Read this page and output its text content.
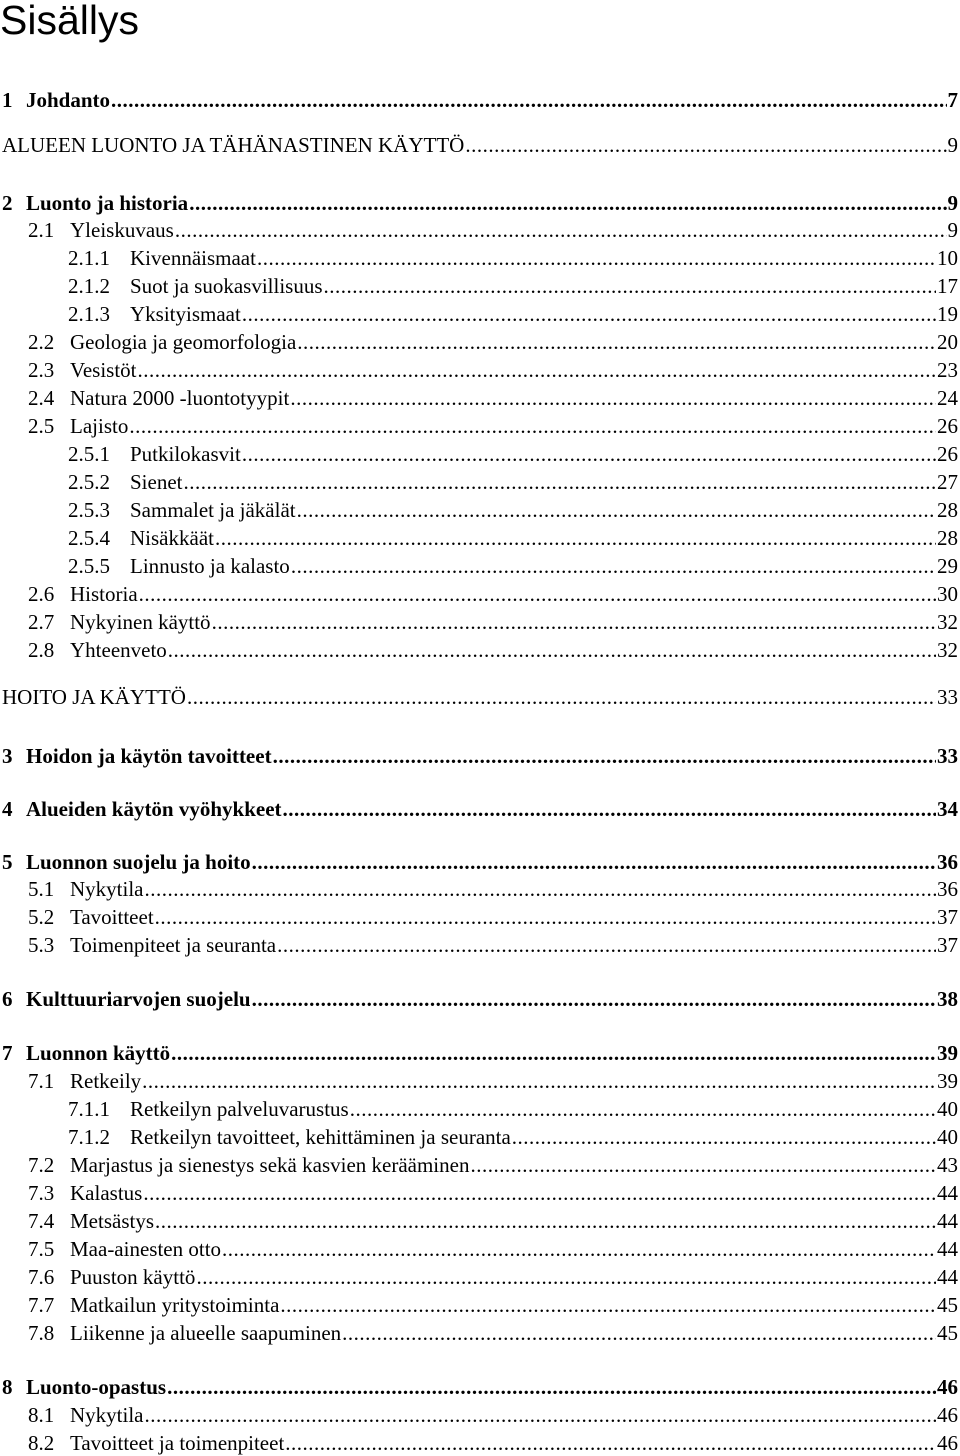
Sisällys
1 Johdanto .....	7
ALUEEN LUONTO JA TÄHÄNASTINEN KÄYTTÖ .....	9
2 Luonto ja historia .....	9
2.1 Yleiskuvaus .....	9
2.1.1 Kivennäismaat .....	10
2.1.2 Suot ja suokasvillisuus .....	17
2.1.3 Yksityismaat .....	19
2.2 Geologia ja geomorfologia .....	20
2.3 Vesistöt .....	23
2.4 Natura 2000 -luontotyypit .....	24
2.5 Lajisto .....	26
2.5.1 Putkilokasvit .....	26
2.5.2 Sienet .....	27
2.5.3 Sammalet ja jäkälät .....	28
2.5.4 Nisäkkäät .....	28
2.5.5 Linnusto ja kalasto .....	29
2.6 Historia .....	30
2.7 Nykyinen käyttö .....	32
2.8 Yhteenveto .....	32
HOITO JA KÄYTTÖ .....	33
3 Hoidon ja käytön tavoitteet .....	33
4 Alueiden käytön vyöhykkeet .....	34
5 Luonnon suojelu ja hoito .....	36
5.1 Nykytila .....	36
5.2 Tavoitteet .....	37
5.3 Toimenpiteet ja seuranta .....	37
6 Kulttuuriarvojen suojelu .....	38
7 Luonnon käyttö .....	39
7.1 Retkeily .....	39
7.1.1 Retkeilyn palveluvarustus .....	40
7.1.2 Retkeilyn tavoitteet, kehittäminen ja seuranta .....	40
7.2 Marjastus ja sienestys sekä kasvien kerääminen .....	43
7.3 Kalastus .....	44
7.4 Metsästys .....	44
7.5 Maa-ainesten otto .....	44
7.6 Puuston käyttö .....	44
7.7 Matkailun yritystoiminta .....	45
7.8 Liikenne ja alueelle saapuminen .....	45
8 Luonto-opastus .....	46
8.1 Nykytila .....	46
8.2 Tavoitteet ja toimenpiteet .....	46
